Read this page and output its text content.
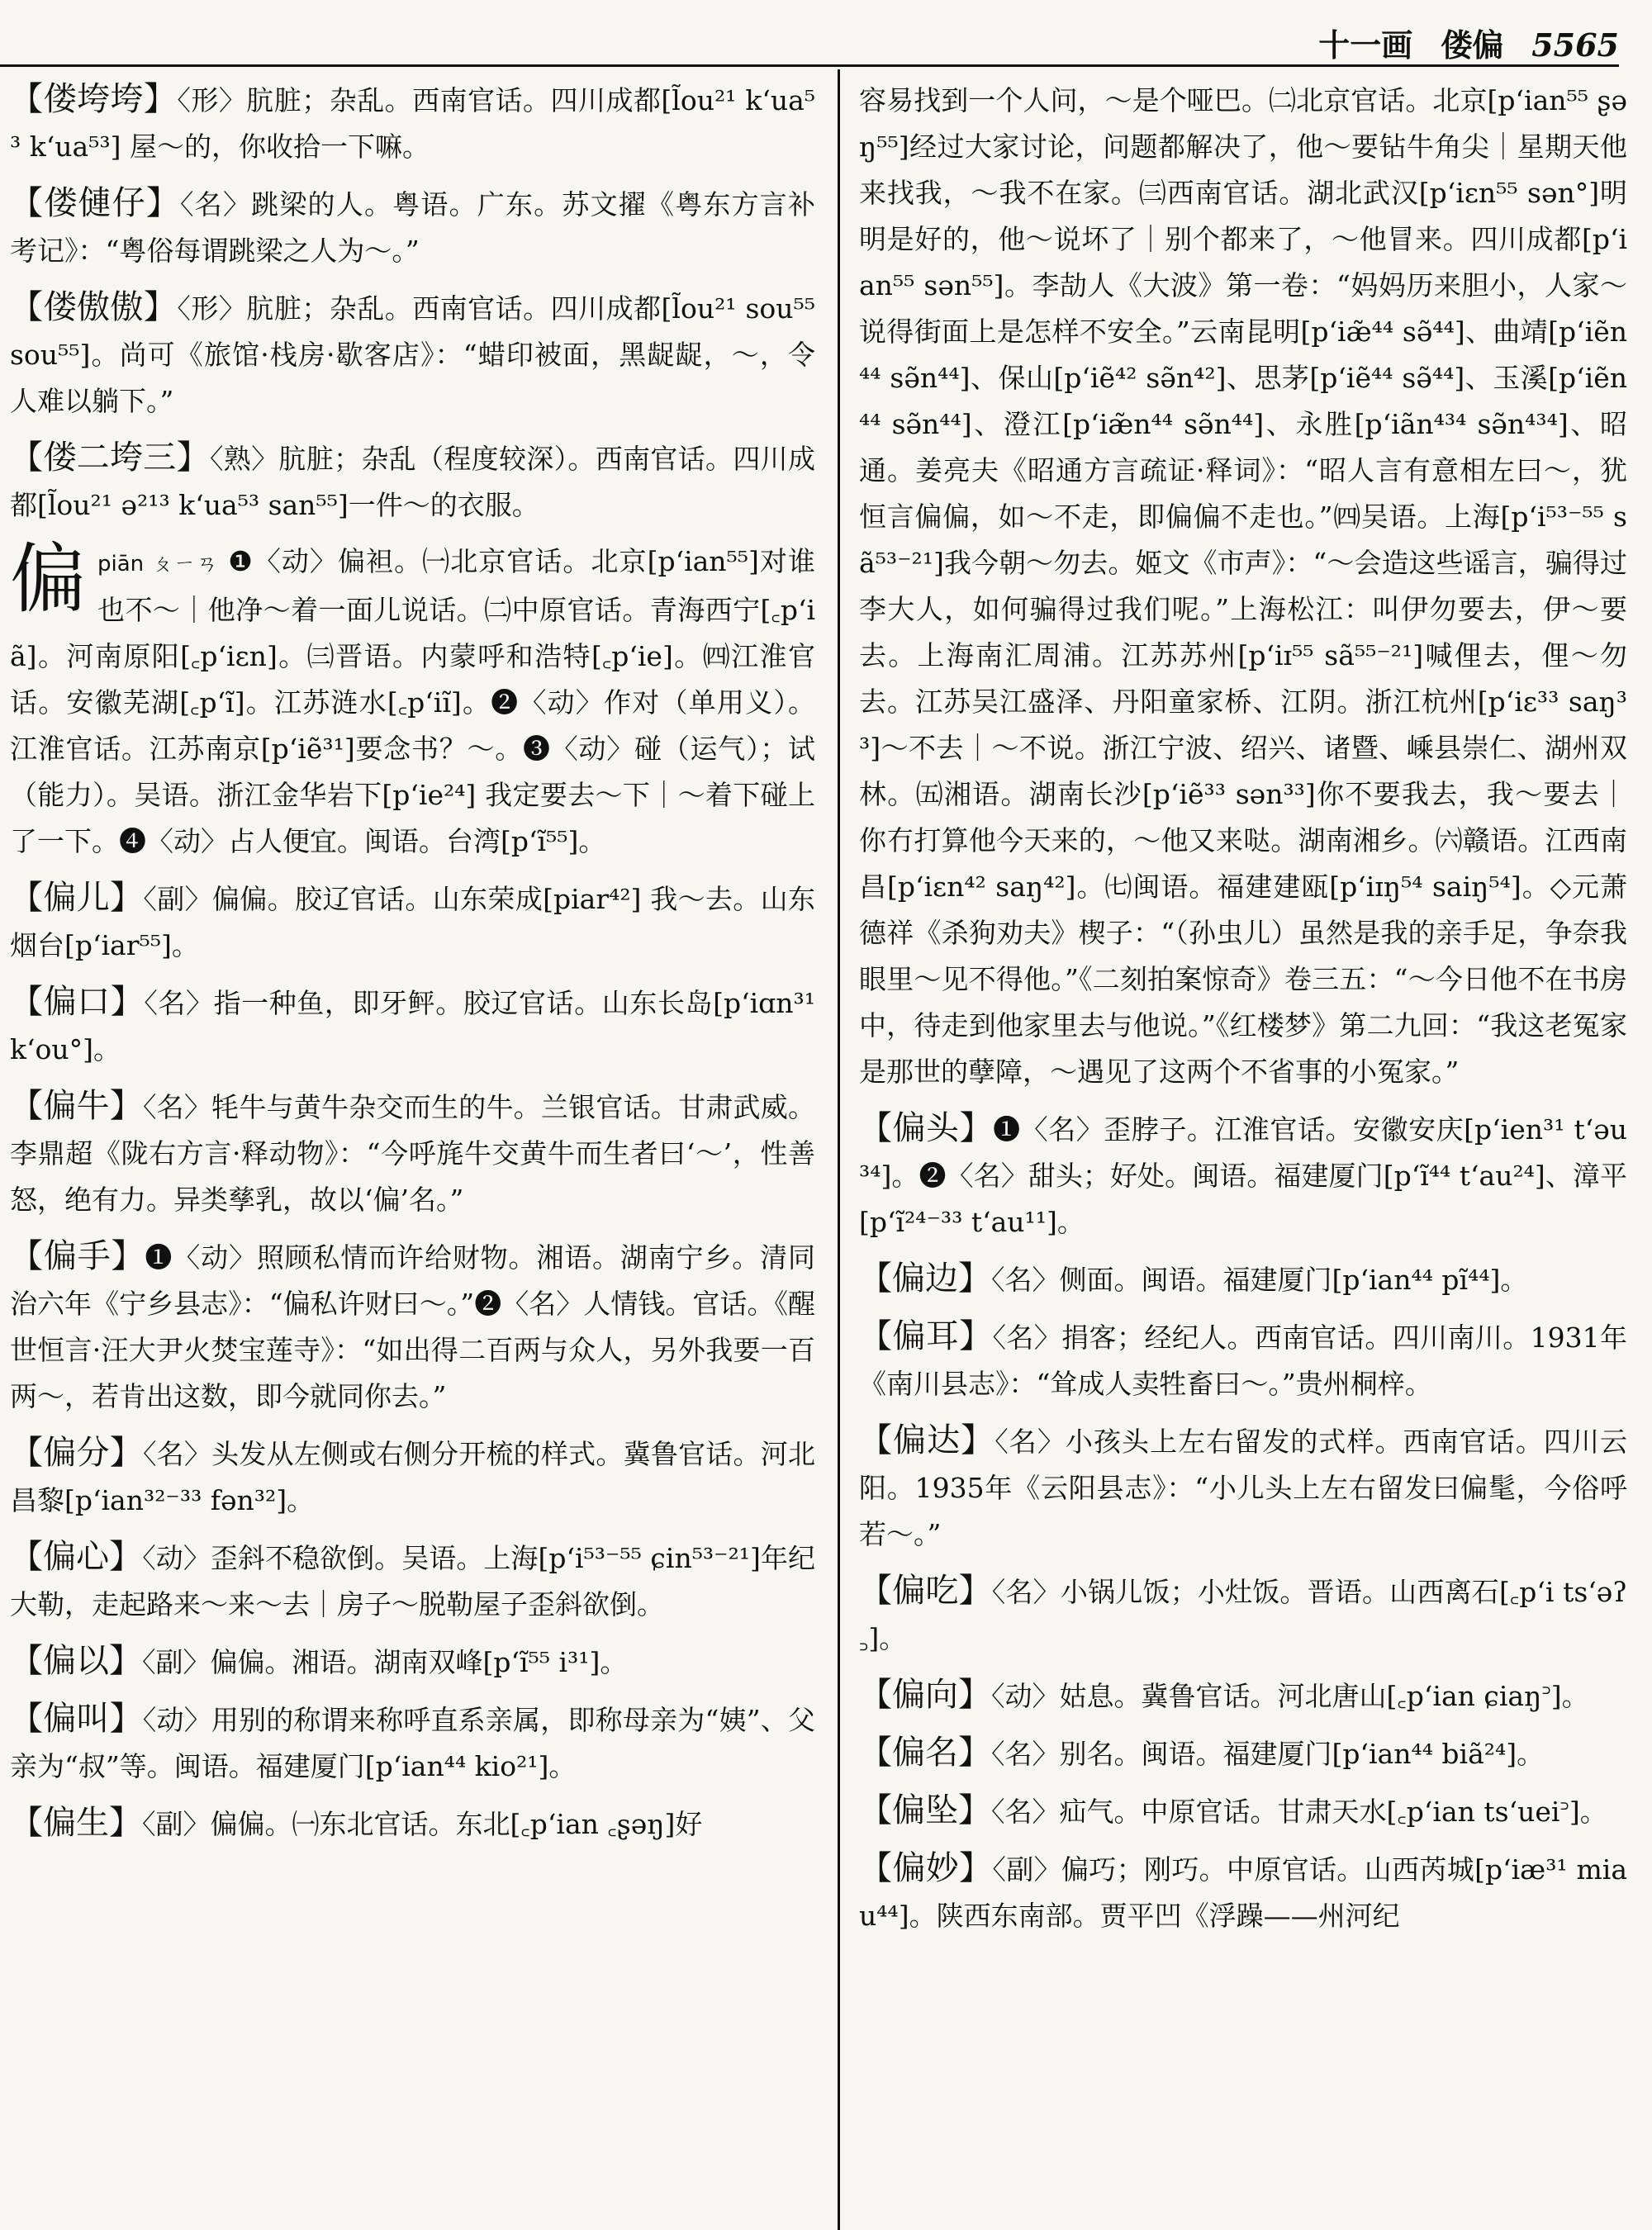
十一画 偻偏 5565
【偻垮垮】〈形〉肮脏；杂乱。西南官话。四川成都[l̃ou²¹ k‘ua⁵³ k‘ua⁵³] 屋～的，你收拾一下嘛。
【偻僆仔】〈名〉跳梁的人。粤语。广东。苏文擢《粤东方言补考记》：“粤俗每谓跳梁之人为～。”
【偻傲傲】〈形〉肮脏；杂乱。西南官话。四川成都[l̃ou²¹ sou⁵⁵ sou⁵⁵]。尚可《旅馆·栈房·歇客店》：“蜡印被面，黑龊龊，～，令人难以躺下。”
【偻二垮三】〈熟〉肮脏；杂乱（程度较深）。西南官话。四川成都[l̃ou²¹ ə²¹³ k‘ua⁵³ san⁵⁵]一件～的衣服。
偏piān ㄆㄧㄢ ❶〈动〉偏袒。㈠北京官话。北京[p‘ian⁵⁵]对谁也不～｜他净～着一面儿说话。㈡中原官话。青海西宁[꜀p‘iã]。河南原阳[꜀p‘iɛn]。㈢晋语。内蒙呼和浩特[꜀p‘ie]。㈣江淮官话。安徽芜湖[꜀p‘ĩ]。江苏涟水[꜀p‘iĩ]。❷〈动〉作对（单用义）。江淮官话。江苏南京[p‘iẽ³¹]要念书？～。❸〈动〉碰（运气）；试（能力）。吴语。浙江金华岩下[p‘ie²⁴] 我定要去～下｜～着下碰上了一下。❹〈动〉占人便宜。闽语。台湾[p‘ĩ⁵⁵]。
【偏儿】〈副〉偏偏。胶辽官话。山东荣成[piar⁴²] 我～去。山东烟台[p‘iar⁵⁵]。
【偏口】〈名〉指一种鱼，即牙鲆。胶辽官话。山东长岛[p‘iɑn³¹ k‘ou°]。
【偏牛】〈名〉牦牛与黄牛杂交而生的牛。兰银官话。甘肃武威。李鼎超《陇右方言·释动物》：“今呼旄牛交黄牛而生者曰‘～’，性善怒，绝有力。异类孳乳，故以‘偏’名。”
【偏手】❶〈动〉照顾私情而许给财物。湘语。湖南宁乡。清同治六年《宁乡县志》：“偏私许财曰～。”❷〈名〉人情钱。官话。《醒世恒言·汪大尹火焚宝莲寺》：“如出得二百两与众人，另外我要一百两～，若肯出这数，即今就同你去。”
【偏分】〈名〉头发从左侧或右侧分开梳的样式。冀鲁官话。河北昌黎[p‘ian³²⁻³³ fən³²]。
【偏心】〈动〉歪斜不稳欲倒。吴语。上海[p‘i⁵³⁻⁵⁵ ɕin⁵³⁻²¹]年纪大勒，走起路来～来～去｜房子～脱勒屋子歪斜欲倒。
【偏以】〈副〉偏偏。湘语。湖南双峰[p‘ĩ⁵⁵ i³¹]。
【偏叫】〈动〉用别的称谓来称呼直系亲属，即称母亲为“姨”、父亲为“叔”等。闽语。福建厦门[p‘ian⁴⁴ kio²¹]。
【偏生】〈副〉偏偏。㈠东北官话。东北[꜀p‘ian ꜀ʂəŋ]好
容易找到一个人问，～是个哑巴。㈡北京官话。北京[p‘ian⁵⁵ ʂəŋ⁵⁵]经过大家讨论，问题都解决了，他～要钻牛角尖｜星期天他来找我，～我不在家。㈢西南官话。湖北武汉[p‘iɛn⁵⁵ sən°]明明是好的，他～说坏了｜别个都来了，～他冒来。四川成都[p‘ian⁵⁵ sən⁵⁵]。李劼人《大波》第一卷：“妈妈历来胆小，人家～说得街面上是怎样不安全。”云南昆明[p‘iæ̃⁴⁴ sə̃⁴⁴]、曲靖[p‘iẽn⁴⁴ sə̃n⁴⁴]、保山[p‘iẽ⁴² sə̃n⁴²]、思茅[p‘iẽ⁴⁴ sə̃⁴⁴]、玉溪[p‘iẽn⁴⁴ sə̃n⁴⁴]、澄江[p‘iæ̃n⁴⁴ sə̃n⁴⁴]、永胜[p‘iãn⁴³⁴ sə̃n⁴³⁴]、昭通。姜亮夫《昭通方言疏证·释词》：“昭人言有意相左曰～，犹恒言偏偏，如～不走，即偏偏不走也。”㈣吴语。上海[p‘i⁵³⁻⁵⁵ sã⁵³⁻²¹]我今朝～勿去。姬文《市声》：“～会造这些谣言，骗得过李大人，如何骗得过我们呢。”上海松江：叫伊勿要去，伊～要去。上海南汇周浦。江苏苏州[p‘iɪ⁵⁵ sã⁵⁵⁻²¹]喊俚去，俚～勿去。江苏吴江盛泽、丹阳童家桥、江阴。浙江杭州[p‘iɛ³³ saŋ³³]～不去｜～不说。浙江宁波、绍兴、诸暨、嵊县崇仁、湖州双林。㈤湘语。湖南长沙[p‘iẽ³³ sən³³]你不要我去，我～要去｜你冇打算他今天来的，～他又来哒。湖南湘乡。㈥赣语。江西南昌[p‘iɛn⁴² saŋ⁴²]。㈦闽语。福建建瓯[p‘iɪŋ⁵⁴ saiŋ⁵⁴]。◇元萧德祥《杀狗劝夫》楔子：“（孙虫儿）虽然是我的亲手足，争奈我眼里～见不得他。”《二刻拍案惊奇》卷三五：“～今日他不在书房中，待走到他家里去与他说。”《红楼梦》第二九回：“我这老冤家是那世的孽障，～遇见了这两个不省事的小冤家。”
【偏头】❶〈名〉歪脖子。江淮官话。安徽安庆[p‘ien³¹ t‘əu³⁴]。❷〈名〉甜头；好处。闽语。福建厦门[p‘ĩ⁴⁴ t‘au²⁴]、漳平[p‘ĩ²⁴⁻³³ t‘au¹¹]。
【偏边】〈名〉侧面。闽语。福建厦门[p‘ian⁴⁴ pĩ⁴⁴]。
【偏耳】〈名〉捐客；经纪人。西南官话。四川南川。1931年《南川县志》：“耸成人卖牲畜曰～。”贵州桐梓。
【偏达】〈名〉小孩头上左右留发的式样。西南官话。四川云阳。1935年《云阳县志》：“小儿头上左右留发曰偏髦，今俗呼若～。”
【偏吃】〈名〉小锅儿饭；小灶饭。晋语。山西离石[꜀p‘i ts‘əʔ꜆]。
【偏向】〈动〉姑息。冀鲁官话。河北唐山[꜀p‘ian ɕiaŋ꜄]。
【偏名】〈名〉别名。闽语。福建厦门[p‘ian⁴⁴ biã²⁴]。
【偏坠】〈名〉疝气。中原官话。甘肃天水[꜀p‘ian ts‘uei꜄]。
【偏妙】〈副〉偏巧；刚巧。中原官话。山西芮城[p‘iæ³¹ miau⁴⁴]。陕西东南部。贾平凹《浮躁——州河纪
